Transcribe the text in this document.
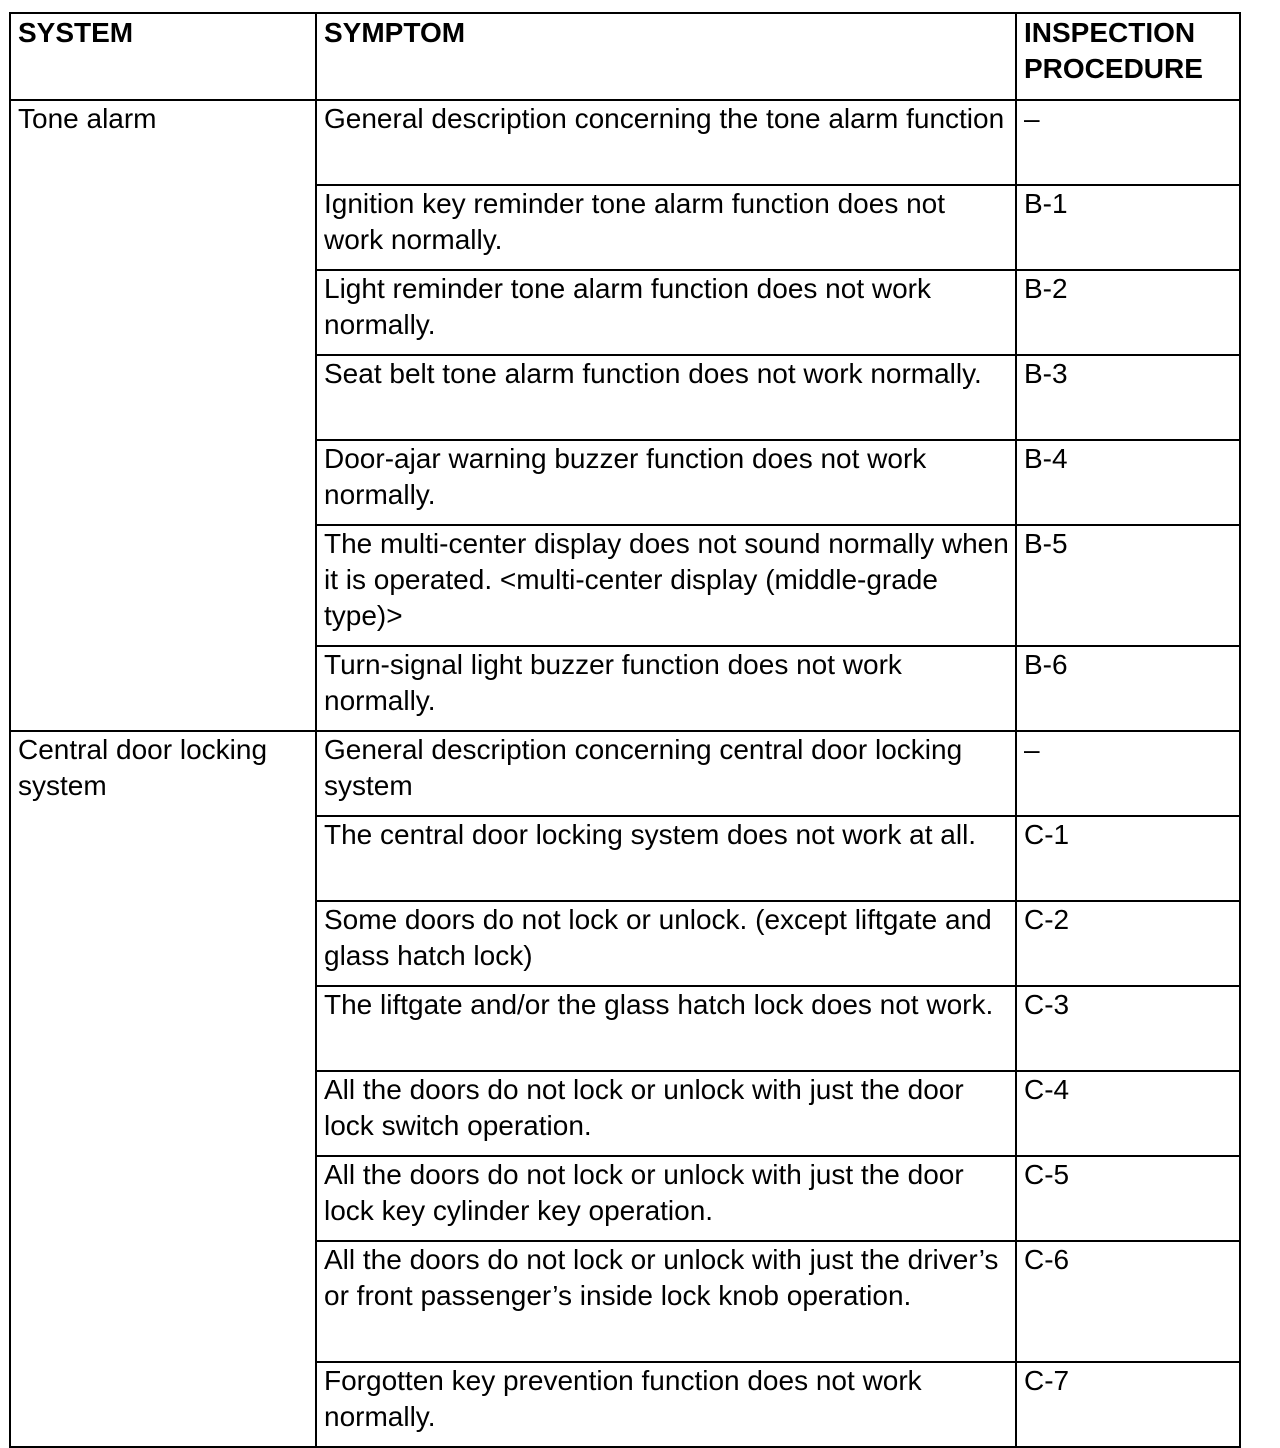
SYSTEM	SYMPTOM	INSPECTION
PROCEDURE
Tone alarm	General description concerning the tone alarm function	–
	Ignition key reminder tone alarm function does not work normally.	B-1
	Light reminder tone alarm function does not work normally.	B-2
	Seat belt tone alarm function does not work normally.	B-3
	Door-ajar warning buzzer function does not work normally.	B-4
	The multi-center display does not sound normally when it is operated. <multi-center display (middle-grade type)>	B-5
	Turn-signal light buzzer function does not work normally.	B-6
Central door locking system	General description concerning central door locking system	–
	The central door locking system does not work at all.	C-1
	Some doors do not lock or unlock. (except liftgate and glass hatch lock)	C-2
	The liftgate and/or the glass hatch lock does not work.	C-3
	All the doors do not lock or unlock with just the door lock switch operation.	C-4
	All the doors do not lock or unlock with just the door lock key cylinder key operation.	C-5
	All the doors do not lock or unlock with just the driver’s or front passenger’s inside lock knob operation.	C-6
	Forgotten key prevention function does not work normally.	C-7
